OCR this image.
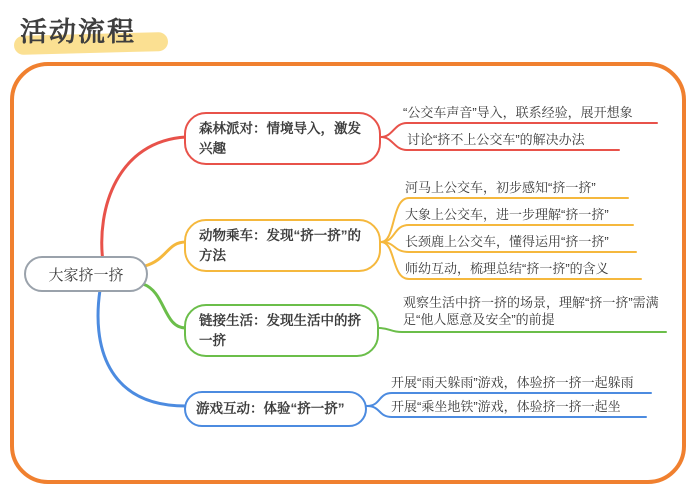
活动流程
大家挤一挤
森林派对：情境导入，激发兴趣
动物乘车：发现“挤一挤”的方法
链接生活：发现生活中的挤一挤
游戏互动：体验“挤一挤”
“公交车声音”导入，联系经验，展开想象
讨论“挤不上公交车”的解决办法
河马上公交车，初步感知“挤一挤”
大象上公交车，进一步理解“挤一挤”
长颈鹿上公交车，懂得运用“挤一挤”
师幼互动，梳理总结“挤一挤”的含义
观察生活中挤一挤的场景，理解“挤一挤”需满足“他人愿意及安全”的前提
开展“雨天躲雨”游戏，体验挤一挤一起躲雨
开展“乘坐地铁”游戏，体验挤一挤一起坐
